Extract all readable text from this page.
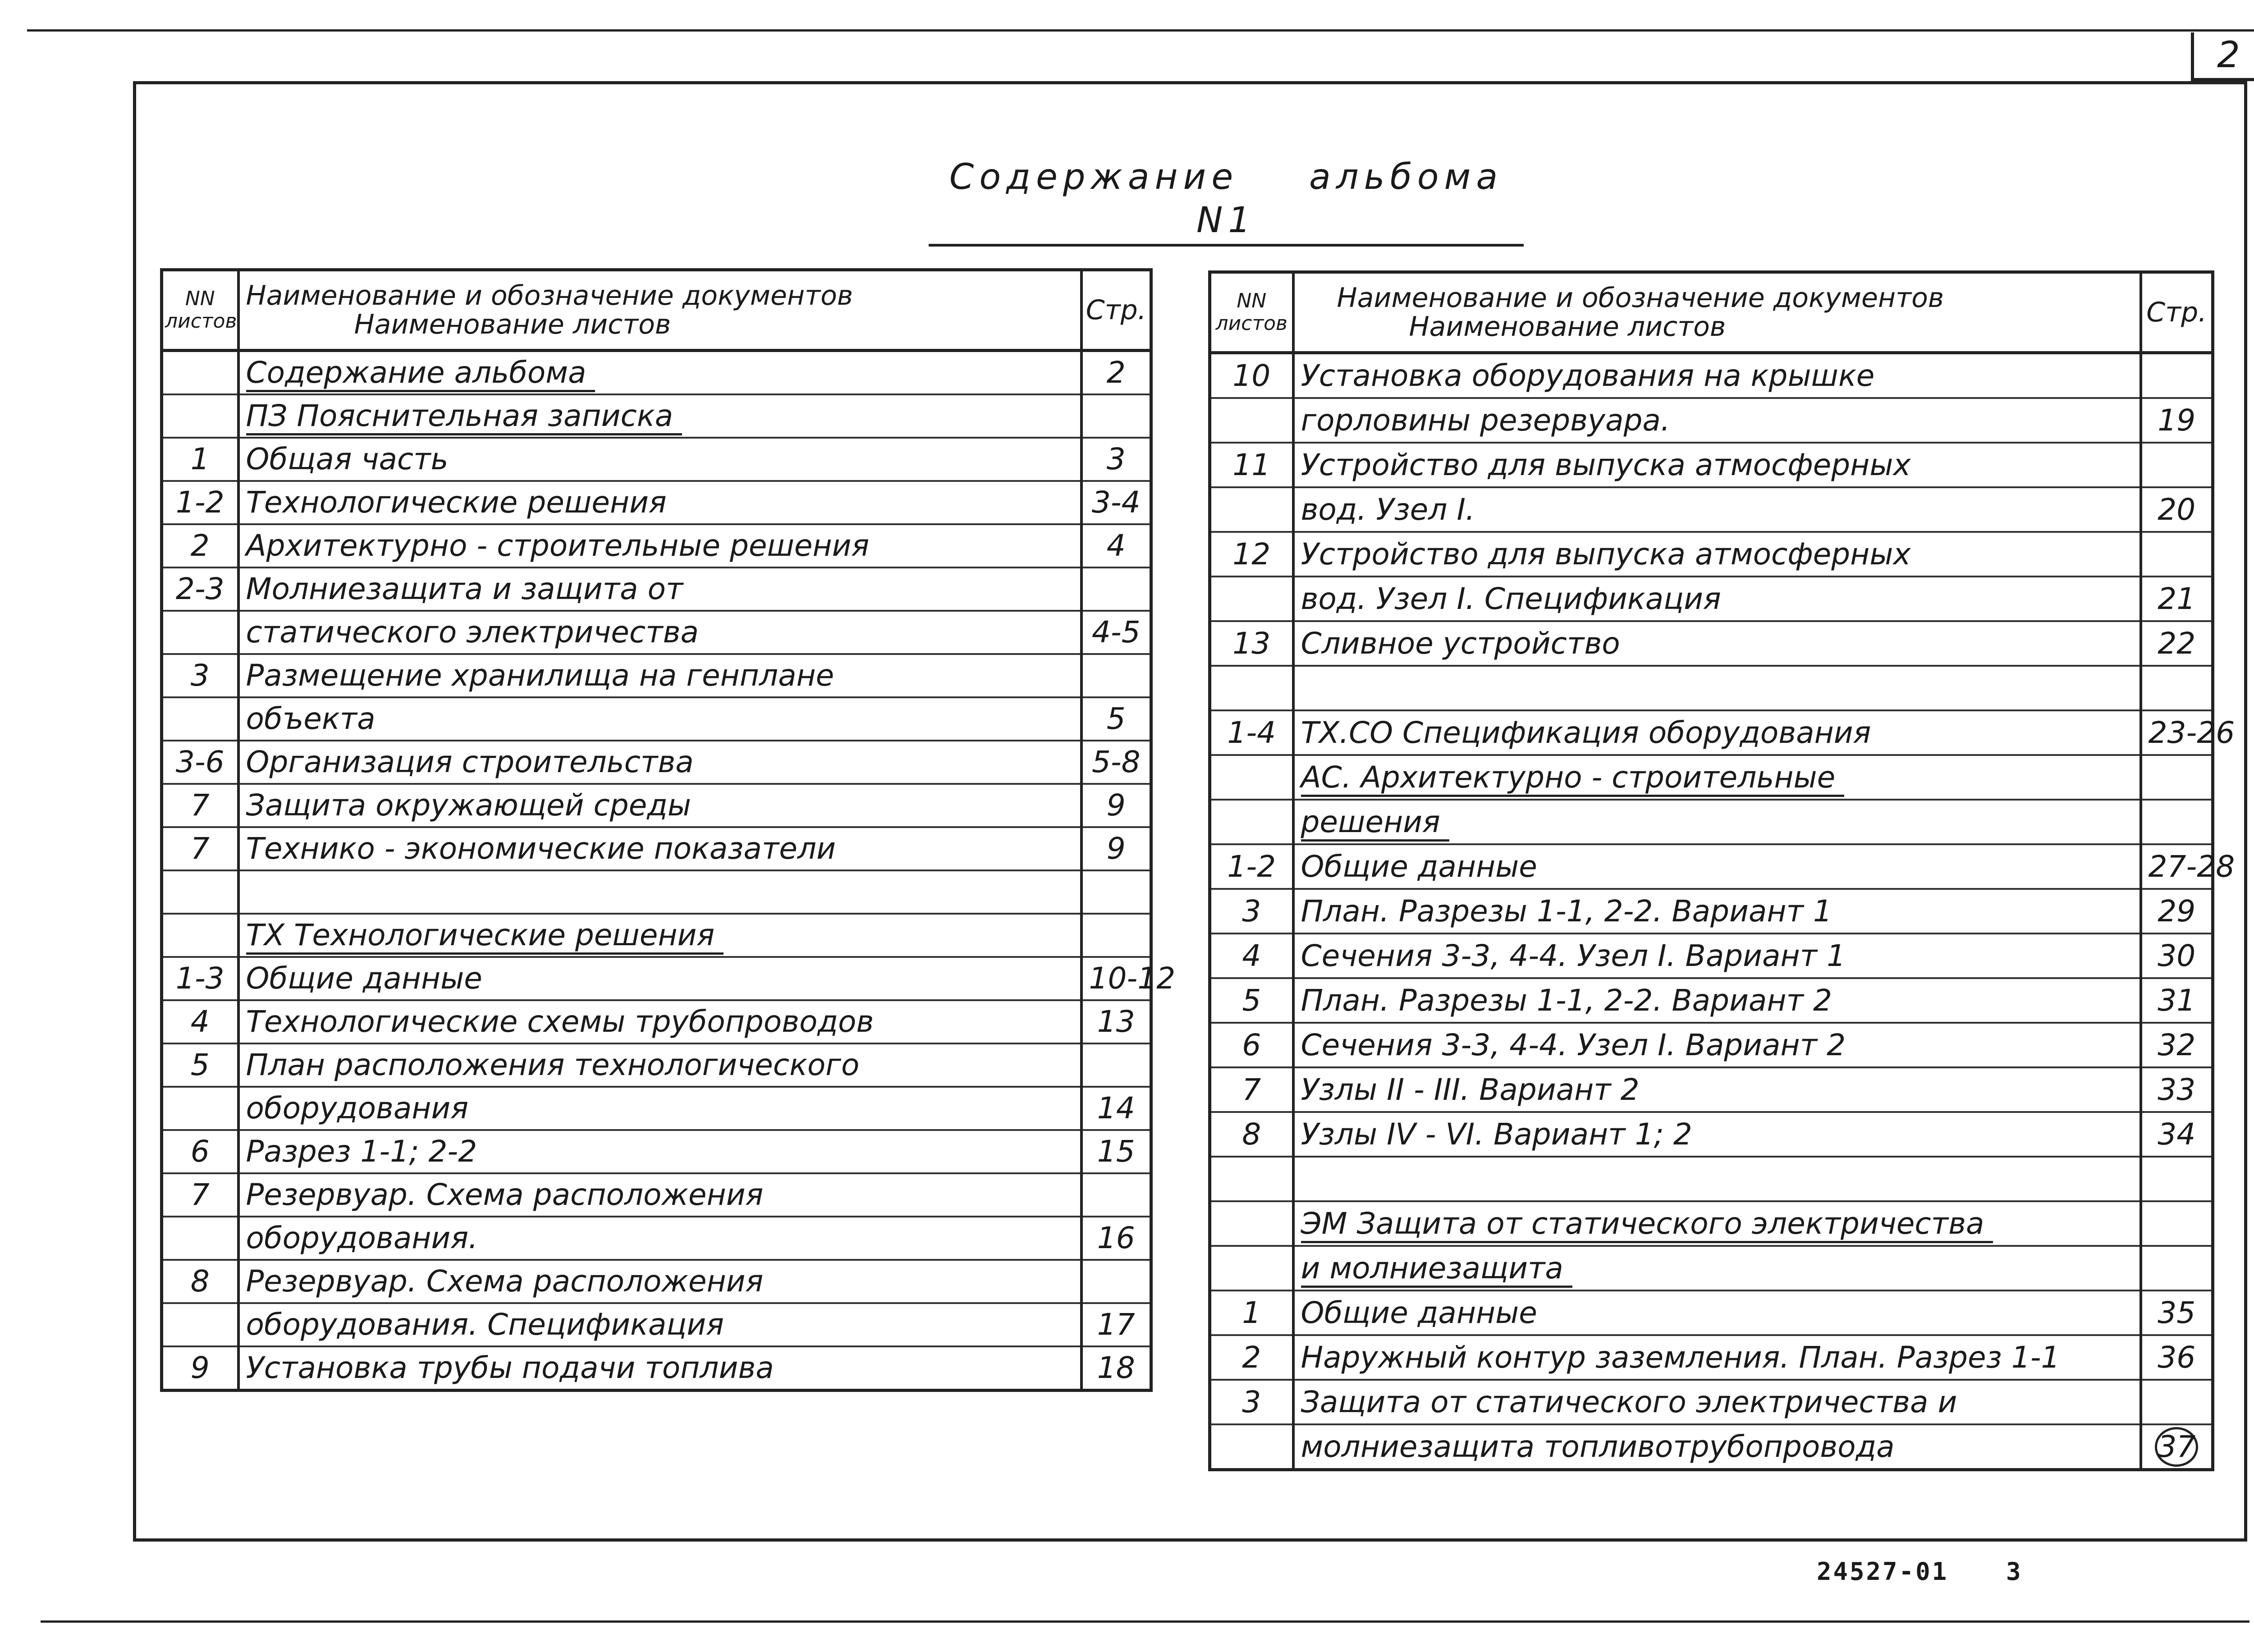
2
Содержание альбома N1
NN листов	Наименование и обозначение документов
Наименование листов	Стр.
	Содержание альбома	2
	ПЗ Пояснительная записка	
1	Общая часть	3
1-2	Технологические решения	3-4
2	Архитектурно - строительные решения	4
2-3	Молниезащита и защита от	
	статического электричества	4-5
3	Размещение хранилища на генплане	
	объекта	5
3-6	Организация строительства	5-8
7	Защита окружающей среды	9
7	Технико - экономические показатели	9

	ТХ Технологические решения	
1-3	Общие данные	10-12
4	Технологические схемы трубопроводов	13
5	План расположения технологического	
	оборудования	14
6	Разрез 1-1; 2-2	15
7	Резервуар. Схема расположения	
	оборудования.	16
8	Резервуар. Схема расположения	
	оборудования. Спецификация	17
9	Установка трубы подачи топлива	18
NN листов	Наименование и обозначение документов
Наименование листов	Стр.
10	Установка оборудования на крышке	
	горловины резервуара.	19
11	Устройство для выпуска атмосферных	
	вод. Узел I.	20
12	Устройство для выпуска атмосферных	
	вод. Узел I. Спецификация	21
13	Сливное устройство	22

1-4	ТХ.СО Спецификация оборудования	23-26
	АС. Архитектурно - строительные	
	решения	
1-2	Общие данные	27-28
3	План. Разрезы 1-1, 2-2. Вариант 1	29
4	Сечения 3-3, 4-4. Узел I. Вариант 1	30
5	План. Разрезы 1-1, 2-2. Вариант 2	31
6	Сечения 3-3, 4-4. Узел I. Вариант 2	32
7	Узлы II - III. Вариант 2	33
8	Узлы IV - VI. Вариант 1; 2	34

	ЭМ Защита от статического электричества	
	и молниезащита	
1	Общие данные	35
2	Наружный контур заземления. План. Разрез 1-1	36
3	Защита от статического электричества и	
	молниезащита топливотрубопровода	37
24527-01 3
